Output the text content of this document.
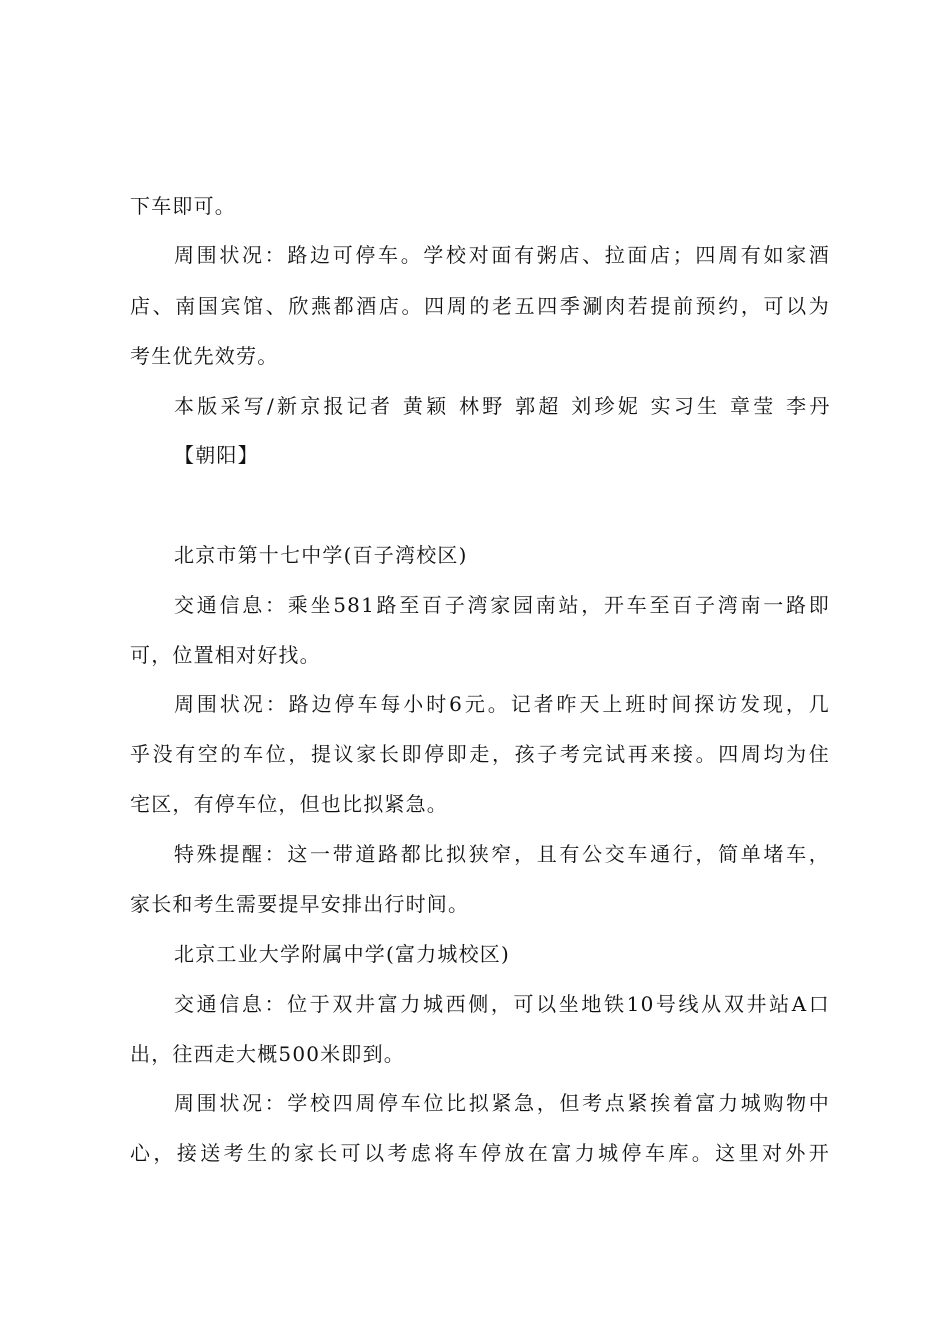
下车即可。

周围状况：路边可停车。学校对面有粥店、拉面店；四周有如家酒

店、南国宾馆、欣燕都酒店。四周的老五四季涮肉若提前预约，可以为

考生优先效劳。

本版采写/新京报记者 黄颖 林野 郭超 刘珍妮 实习生 章莹 李丹

【朝阳】

北京市第十七中学(百子湾校区)

交通信息：乘坐581路至百子湾家园南站，开车至百子湾南一路即

可，位置相对好找。

周围状况：路边停车每小时6元。记者昨天上班时间探访发现，几

乎没有空的车位，提议家长即停即走，孩子考完试再来接。四周均为住

宅区，有停车位，但也比拟紧急。

特殊提醒：这一带道路都比拟狭窄，且有公交车通行，简单堵车，

家长和考生需要提早安排出行时间。

北京工业大学附属中学(富力城校区)

交通信息：位于双井富力城西侧，可以坐地铁10号线从双井站A口

出，往西走大概500米即到。

周围状况：学校四周停车位比拟紧急，但考点紧挨着富力城购物中

心，接送考生的家长可以考虑将车停放在富力城停车库。这里对外开
